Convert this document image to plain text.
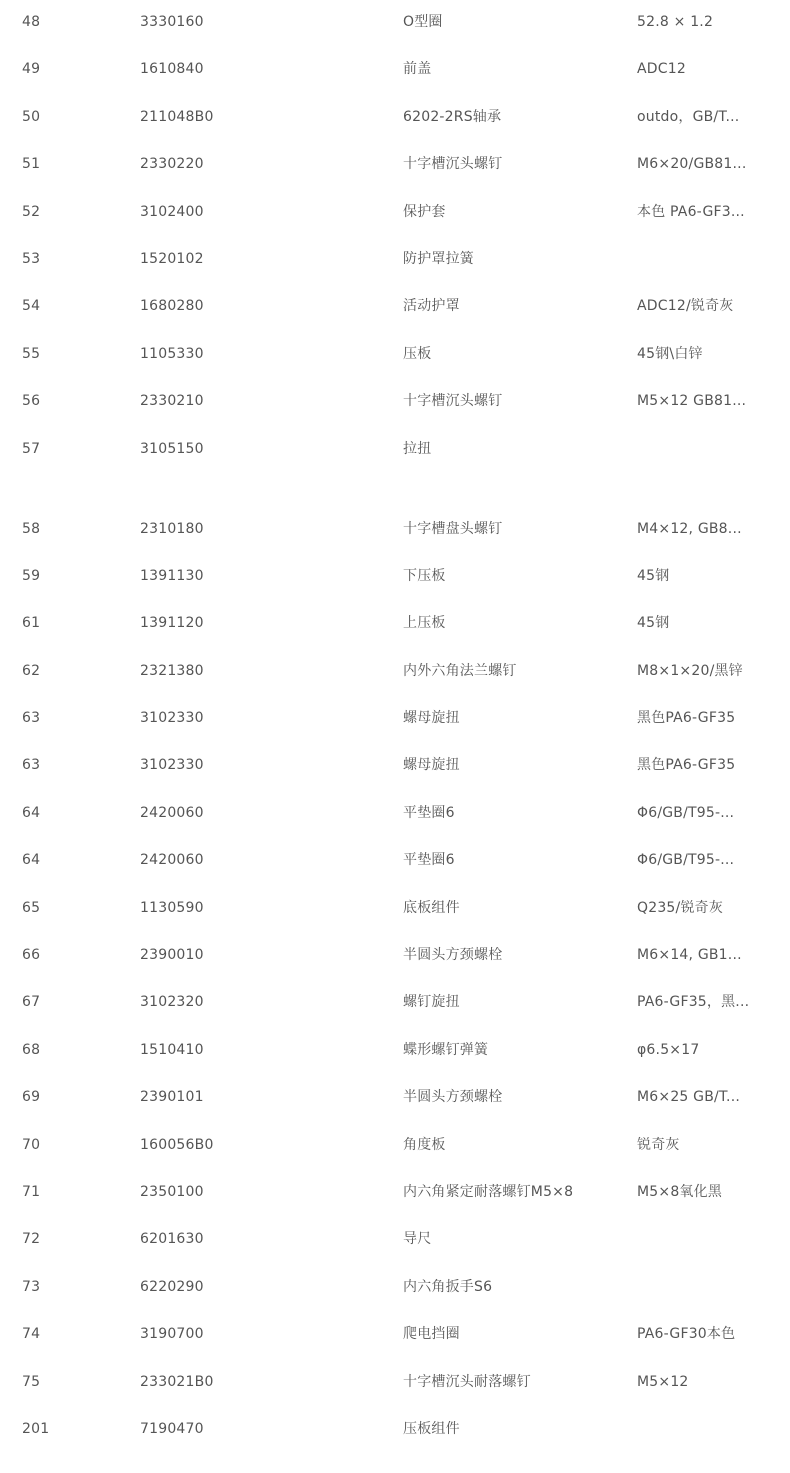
48	3330160	O型圈	52.8 × 1.2
49	1610840	前盖	ADC12
50	211048B0	6202-2RS轴承	outdo，GB/T...
51	2330220	十字槽沉头螺钉	M6×20/GB81...
52	3102400	保护套	本色 PA6-GF3...
53	1520102	防护罩拉簧
54	1680280	活动护罩	ADC12/锐奇灰
55	1105330	压板	45钢\白锌
56	2330210	十字槽沉头螺钉	M5×12 GB81...
57	3105150	拉扭
58	2310180	十字槽盘头螺钉	M4×12, GB8...
59	1391130	下压板	45钢
61	1391120	上压板	45钢
62	2321380	内外六角法兰螺钉	M8×1×20/黑锌
63	3102330	螺母旋扭	黑色PA6-GF35
63	3102330	螺母旋扭	黑色PA6-GF35
64	2420060	平垫圈6	Φ6/GB/T95-...
64	2420060	平垫圈6	Φ6/GB/T95-...
65	1130590	底板组件	Q235/锐奇灰
66	2390010	半圆头方颈螺栓	M6×14, GB1...
67	3102320	螺钉旋扭	PA6-GF35，黑...
68	1510410	蝶形螺钉弹簧	φ6.5×17
69	2390101	半圆头方颈螺栓	M6×25 GB/T...
70	160056B0	角度板	锐奇灰
71	2350100	内六角紧定耐落螺钉M5×8	M5×8氧化黑
72	6201630	导尺
73	6220290	内六角扳手S6
74	3190700	爬电挡圈	PA6-GF30本色
75	233021B0	十字槽沉头耐落螺钉	M5×12
201	7190470	压板组件
